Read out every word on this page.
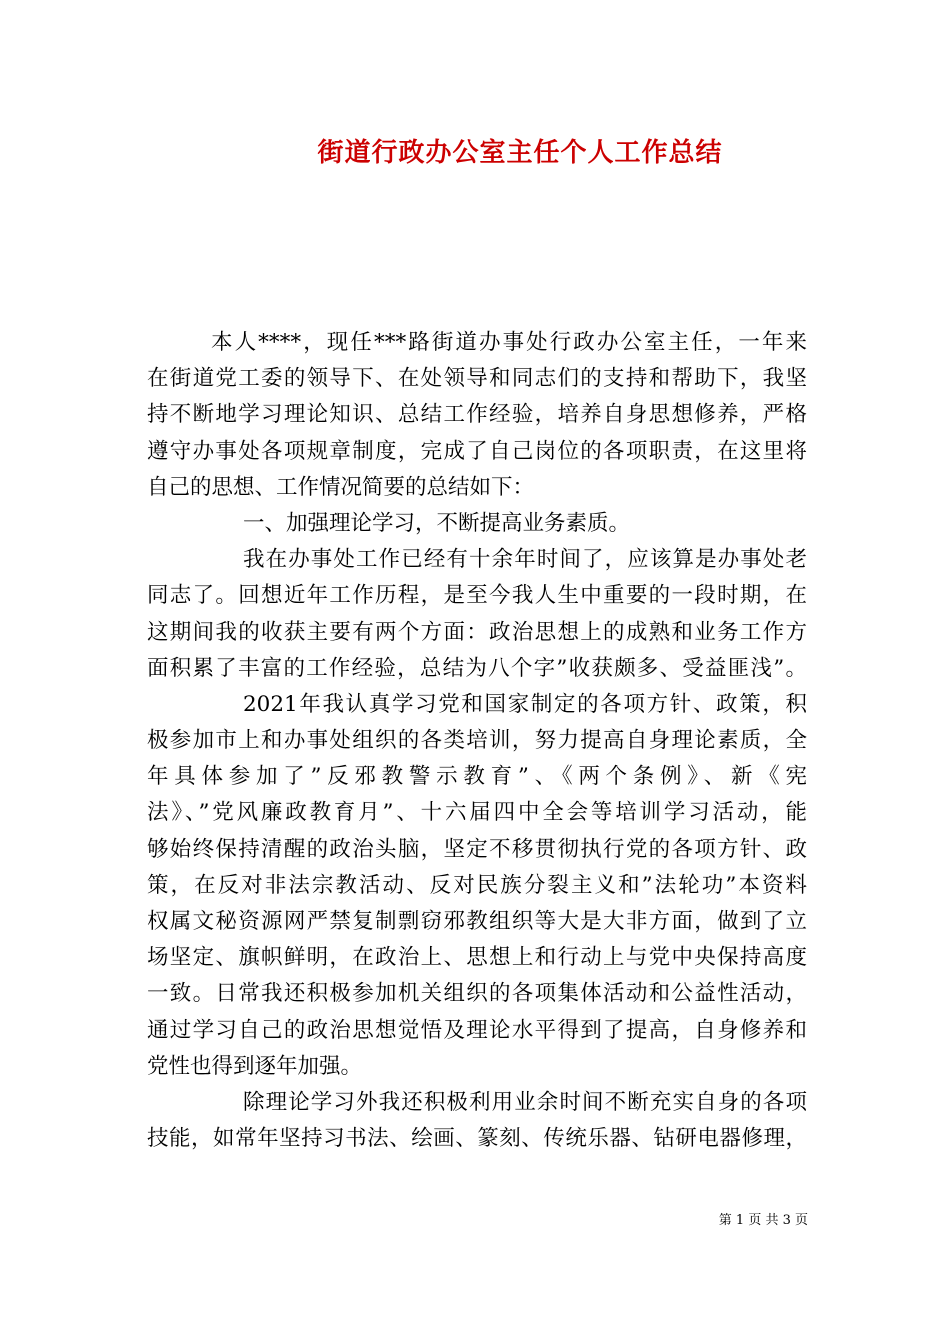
街道行政办公室主任个人工作总结
本人****，现任***路街道办事处行政办公室主任，一年来
在街道党工委的领导下、在处领导和同志们的支持和帮助下，我坚
持不断地学习理论知识、总结工作经验，培养自身思想修养，严格
遵守办事处各项规章制度，完成了自己岗位的各项职责，在这里将
自己的思想、工作情况简要的总结如下：
一、加强理论学习，不断提高业务素质。
我在办事处工作已经有十余年时间了，应该算是办事处老
同志了。回想近年工作历程，是至今我人生中重要的一段时期，在
这期间我的收获主要有两个方面：政治思想上的成熟和业务工作方
面积累了丰富的工作经验，总结为八个字”收获颇多、受益匪浅”。
2021年我认真学习党和国家制定的各项方针、政策，积
极参加市上和办事处组织的各类培训，努力提高自身理论素质，全
年具体参加了”反邪教警示教育”、《两个条例》、新《宪
法》、”党风廉政教育月”、十六届四中全会等培训学习活动，能
够始终保持清醒的政治头脑，坚定不移贯彻执行党的各项方针、政
策，在反对非法宗教活动、反对民族分裂主义和”法轮功”本资料
权属文秘资源网严禁复制剽窃邪教组织等大是大非方面，做到了立
场坚定、旗帜鲜明，在政治上、思想上和行动上与党中央保持高度
一致。日常我还积极参加机关组织的各项集体活动和公益性活动，
通过学习自己的政治思想觉悟及理论水平得到了提高，自身修养和
党性也得到逐年加强。
除理论学习外我还积极利用业余时间不断充实自身的各项
技能，如常年坚持习书法、绘画、篆刻、传统乐器、钻研电器修理，
第 1 页 共 3 页
